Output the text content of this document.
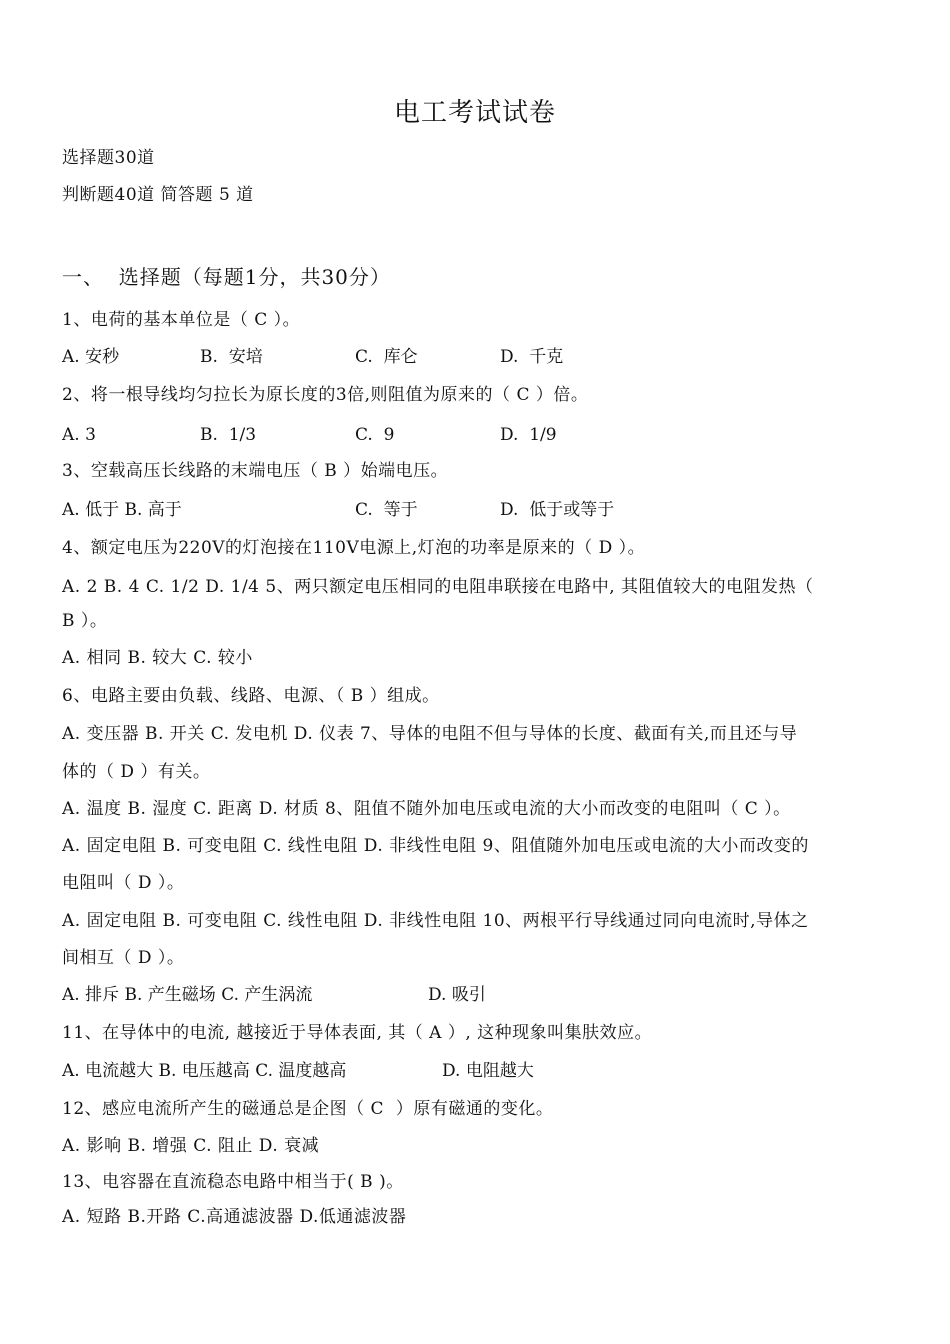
电工考试试卷
选择题30道
判断题40道 简答题 5 道
一、  选择题（每题1分，共30分）
1、电荷的基本单位是（ C ）。
A. 安秒	B.  安培	C.  库仑	D.  千克
2、将一根导线均匀拉长为原长度的3倍,则阻值为原来的（ C ）倍。
A. 3	B.  1/3	C.  9	D.  1/9
3、空载高压长线路的末端电压（ B ）始端电压。
A. 低于 B. 高于	C.  等于	D.  低于或等于
4、额定电压为220V的灯泡接在110V电源上,灯泡的功率是原来的（ D ）。
A. 2 B. 4 C. 1/2 D. 1/4 5、两只额定电压相同的电阻串联接在电路中, 其阻值较大的电阻发热（
B ）。
A. 相同 B. 较大 C. 较小
6、电路主要由负载、线路、电源、（ B ）组成。
A. 变压器 B. 开关 C. 发电机 D. 仪表 7、导体的电阻不但与导体的长度、截面有关,而且还与导
体的（ D ）有关。
A. 温度 B. 湿度 C. 距离 D. 材质 8、阻值不随外加电压或电流的大小而改变的电阻叫（ C ）。
A. 固定电阻 B. 可变电阻 C. 线性电阻 D. 非线性电阻 9、阻值随外加电压或电流的大小而改变的
电阻叫（ D ）。
A. 固定电阻 B. 可变电阻 C. 线性电阻 D. 非线性电阻 10、两根平行导线通过同向电流时,导体之
间相互（ D ）。
A. 排斥 B. 产生磁场 C. 产生涡流	D. 吸引
11、在导体中的电流, 越接近于导体表面, 其（ A ）, 这种现象叫集肤效应。
A. 电流越大 B. 电压越高 C. 温度越高	D. 电阻越大
12、感应电流所产生的磁通总是企图（ C  ）原有磁通的变化。
A. 影响 B. 增强 C. 阻止 D. 衰减
13、电容器在直流稳态电路中相当于( B )。
A. 短路 B.开路 C.高通滤波器 D.低通滤波器
